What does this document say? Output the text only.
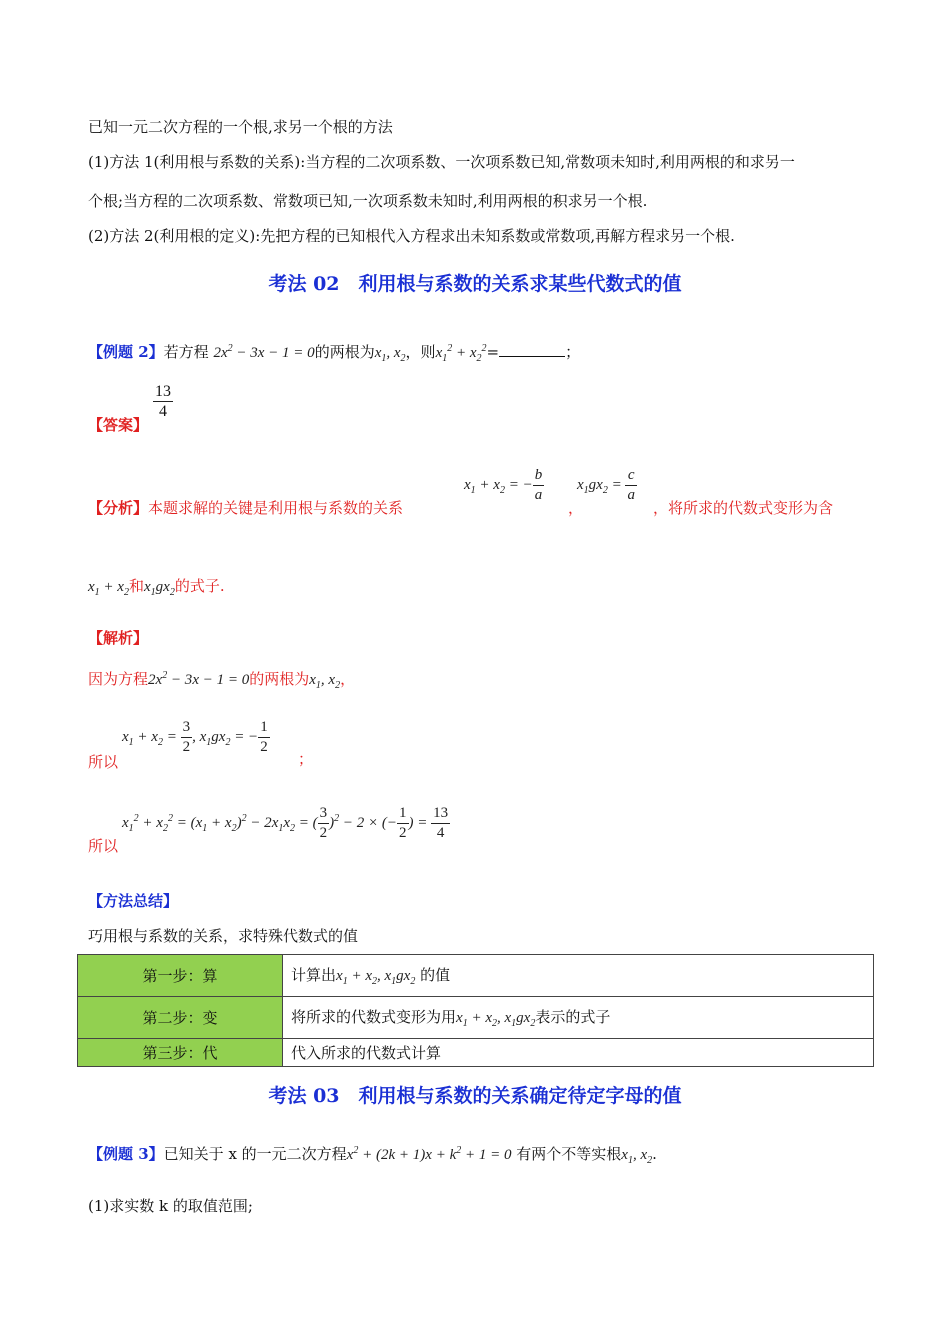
已知一元二次方程的一个根,求另一个根的方法
(1)方法 1(利用根与系数的关系):当方程的二次项系数、一次项系数已知,常数项未知时,利用两根的和求另一
个根;当方程的二次项系数、常数项已知,一次项系数未知时,利用两根的积求另一个根.
(2)方法 2(利用根的定义):先把方程的已知根代入方程求出未知系数或常数项,再解方程求另一个根.
考法 02　利用根与系数的关系求某些代数式的值
【例题 2】若方程 $2x^2 - 3x - 1 = 0$的两根为$x_1$, $x_2$，则$x_1^2 + x_2^2=$	；
【答案】
$\frac{13}{4}$
【分析】本题求解的关键是利用根与系数的关系
$x_1 + x_2$ = − $\frac{b}{a}$
，
$x_1gx_2 = \frac{c}{a}$
，将所求的代数式变形为含
$x_1 + x_2$和$x_1gx_2$的式子.
【解析】
因为方程$2x^2 - 3x - 1 = 0$的两根为$x_1$, $x_2$，
$x_1 + x_2 = \frac{3}{2}$ , $x_1gx_2$ = − $\frac{1}{2}$
所以	；
$x_1^2 + x_2^2 = (x_1 + x_2)^2 - 2x_1x_2$ = ( $\frac{3}{2} )^2 - 2$ × (− $\frac{1}{2}$ ) = $\frac{13}{4}$
所以
【方法总结】
巧用根与系数的关系，求特殊代数式的值
第一步：算	计算出$x_1 + x_2$, $x_1gx_2$ 的值
第二步：变	将所求的代数式变形为用$x_1 + x_2$, $x_1gx_2$表示的式子
第三步：代	代入所求的代数式计算
考法 03　利用根与系数的关系确定待定字母的值
【例题 3】已知关于 x 的一元二次方程$x^2 + (2k + 1)x + k^2 + 1 = 0$ 有两个不等实根$x_1$, $x_2$.
(1)求实数 k 的取值范围;
